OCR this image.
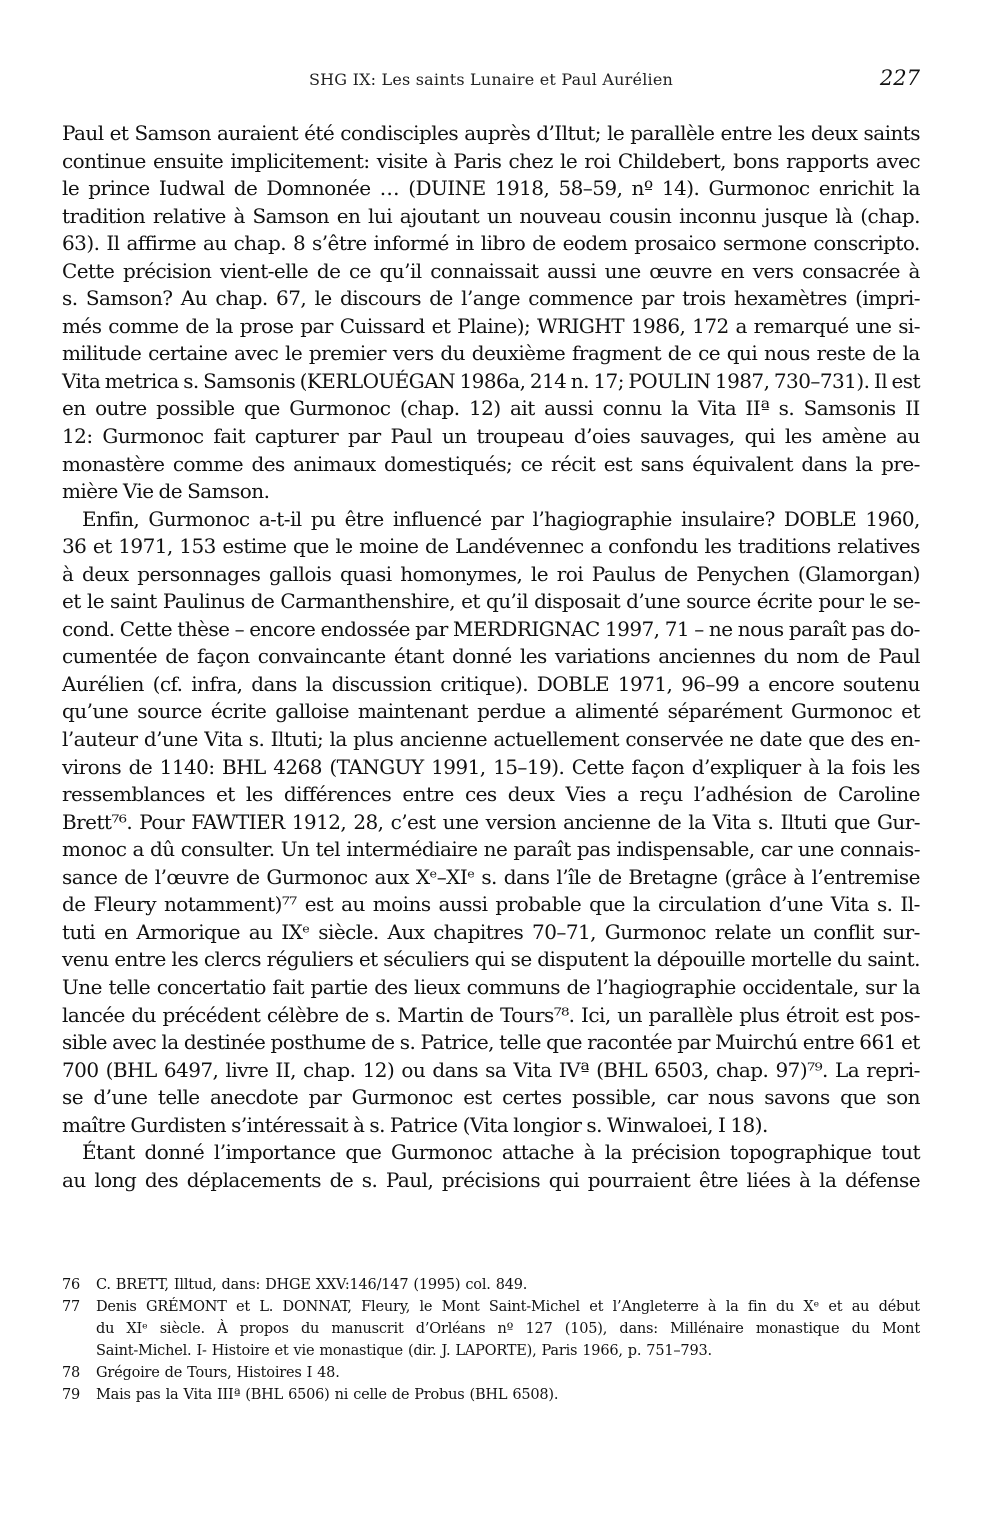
SHG IX: Les saints Lunaire et Paul Aurélien	227
Paul et Samson auraient été condisciples auprès d’Iltut; le parallèle entre les deux saints
continue ensuite implicitement: visite à Paris chez le roi Childebert, bons rapports avec
le prince Iudwal de Domnonée … (DUINE 1918, 58–59, nº 14). Gurmonoc enrichit la
tradition relative à Samson en lui ajoutant un nouveau cousin inconnu jusque là (chap.
63). Il affirme au chap. 8 s’être informé in libro de eodem prosaico sermone conscripto.
Cette précision vient-elle de ce qu’il connaissait aussi une œuvre en vers consacrée à
s. Samson? Au chap. 67, le discours de l’ange commence par trois hexamètres (impri-
més comme de la prose par Cuissard et Plaine); WRIGHT 1986, 172 a remarqué une si-
militude certaine avec le premier vers du deuxième fragment de ce qui nous reste de la
Vita metrica s. Samsonis (KERLOUÉGAN 1986a, 214 n. 17; POULIN 1987, 730–731). Il est
en outre possible que Gurmonoc (chap. 12) ait aussi connu la Vita IIª s. Samsonis II
12: Gurmonoc fait capturer par Paul un troupeau d’oies sauvages, qui les amène au
monastère comme des animaux domestiqués; ce récit est sans équivalent dans la pre-
mière Vie de Samson.
Enfin, Gurmonoc a-t-il pu être influencé par l’hagiographie insulaire? DOBLE 1960,
36 et 1971, 153 estime que le moine de Landévennec a confondu les traditions relatives
à deux personnages gallois quasi homonymes, le roi Paulus de Penychen (Glamorgan)
et le saint Paulinus de Carmanthenshire, et qu’il disposait d’une source écrite pour le se-
cond. Cette thèse – encore endossée par MERDRIGNAC 1997, 71 – ne nous paraît pas do-
cumentée de façon convaincante étant donné les variations anciennes du nom de Paul
Aurélien (cf. infra, dans la discussion critique). DOBLE 1971, 96–99 a encore soutenu
qu’une source écrite galloise maintenant perdue a alimenté séparément Gurmonoc et
l’auteur d’une Vita s. Iltuti; la plus ancienne actuellement conservée ne date que des en-
virons de 1140: BHL 4268 (TANGUY 1991, 15–19). Cette façon d’expliquer à la fois les
ressemblances et les différences entre ces deux Vies a reçu l’adhésion de Caroline
Brett⁷⁶. Pour FAWTIER 1912, 28, c’est une version ancienne de la Vita s. Iltuti que Gur-
monoc a dû consulter. Un tel intermédiaire ne paraît pas indispensable, car une connais-
sance de l’œuvre de Gurmonoc aux Xᵉ–XIᵉ s. dans l’île de Bretagne (grâce à l’entremise
de Fleury notamment)⁷⁷ est au moins aussi probable que la circulation d’une Vita s. Il-
tuti en Armorique au IXᵉ siècle. Aux chapitres 70–71, Gurmonoc relate un conflit sur-
venu entre les clercs réguliers et séculiers qui se disputent la dépouille mortelle du saint.
Une telle concertatio fait partie des lieux communs de l’hagiographie occidentale, sur la
lancée du précédent célèbre de s. Martin de Tours⁷⁸. Ici, un parallèle plus étroit est pos-
sible avec la destinée posthume de s. Patrice, telle que racontée par Muirchú entre 661 et
700 (BHL 6497, livre II, chap. 12) ou dans sa Vita IVª (BHL 6503, chap. 97)⁷⁹. La repri-
se d’une telle anecdote par Gurmonoc est certes possible, car nous savons que son
maître Gurdisten s’intéressait à s. Patrice (Vita longior s. Winwaloei, I 18).
Étant donné l’importance que Gurmonoc attache à la précision topographique tout
au long des déplacements de s. Paul, précisions qui pourraient être liées à la défense
76	C. BRETT, Illtud, dans: DHGE XXV:146/147 (1995) col. 849.
77	Denis GRÉMONT et L. DONNAT, Fleury, le Mont Saint-Michel et l’Angleterre à la fin du Xᵉ et au début
du XIᵉ siècle. À propos du manuscrit d’Orléans nº 127 (105), dans: Millénaire monastique du Mont
Saint-Michel. I- Histoire et vie monastique (dir. J. LAPORTE), Paris 1966, p. 751–793.
78	Grégoire de Tours, Histoires I 48.
79	Mais pas la Vita IIIª (BHL 6506) ni celle de Probus (BHL 6508).
